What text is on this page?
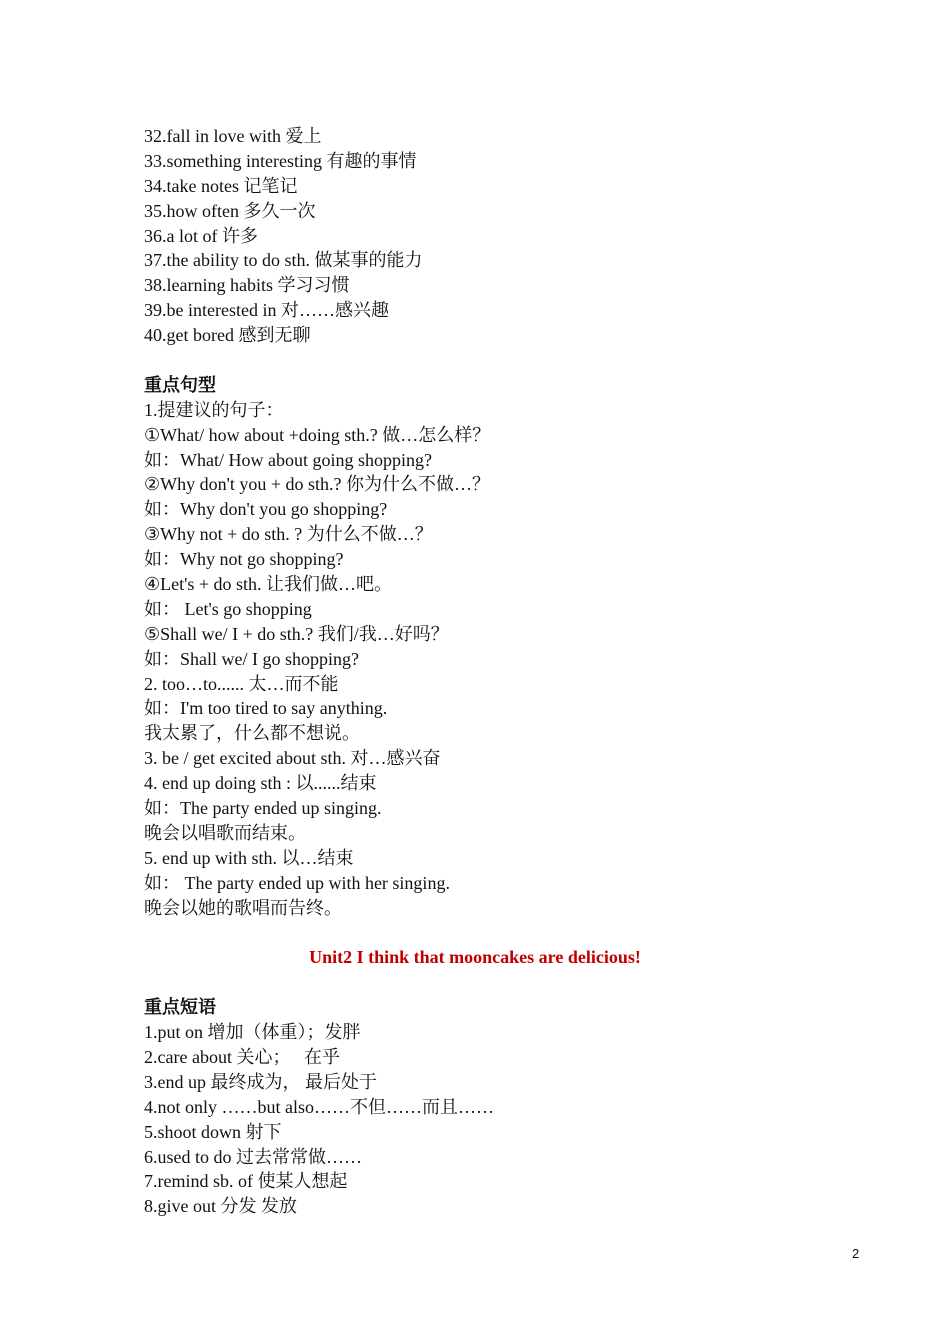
32.fall in love with 爱上
33.something interesting 有趣的事情
34.take notes 记笔记
35.how often 多久一次
36.a lot of 许多
37.the ability to do sth. 做某事的能力
38.learning habits 学习习惯
39.be interested in 对……感兴趣
40.get bored 感到无聊
重点句型
1.提建议的句子：
①What/ how about +doing sth.? 做…怎么样？
如：What/ How about going shopping?
②Why don't you + do sth.? 你为什么不做…？
如：Why don't you go shopping?
③Why not + do sth. ? 为什么不做…？
如：Why not go shopping?
④Let's + do sth. 让我们做…吧。
如： Let's go shopping
⑤Shall we/ I + do sth.? 我们/我…好吗？
如：Shall we/ I go shopping?
2. too…to...... 太…而不能
如：I'm too tired to say anything.
我太累了，什么都不想说。
3. be / get excited about sth. 对…感兴奋
4. end up doing sth : 以......结束
如：The party ended up singing.
晚会以唱歌而结束。
5. end up with sth. 以…结束
如： The party ended up with her singing.
晚会以她的歌唱而告终。
Unit2 I think that mooncakes are delicious!
重点短语
1.put on 增加（体重）；发胖
2.care about 关心；   在乎
3.end up 最终成为， 最后处于
4.not only ……but also……不但……而且……
5.shoot down 射下
6.used to do 过去常常做……
7.remind sb. of 使某人想起
8.give out 分发 发放
2
